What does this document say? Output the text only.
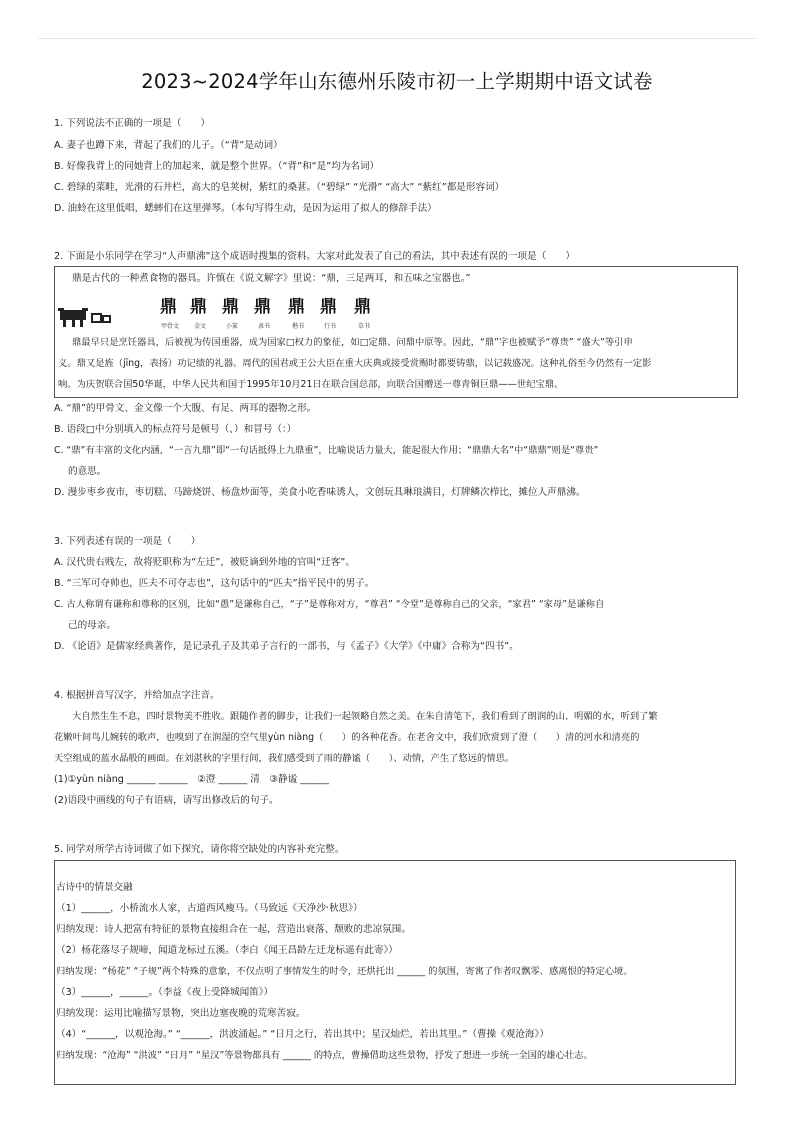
2023~2024学年山东德州乐陵市初一上学期期中语文试卷
1. 下列说法不正确的一项是（　　）
A. 妻子也蹲下来，背起了我们的儿子。（“背”是动词）
B. 好像我背上的同她背上的加起来，就是整个世界。（“背”和“是”均为名词）
C. 碧绿的菜畦，光滑的石井栏，高大的皂荚树，紫红的桑葚。（“碧绿” “光滑” “高大” “紫红”都是形容词）
D. 油蛉在这里低唱，蟋蟀们在这里弹琴。（本句写得生动，是因为运用了拟人的修辞手法）
2. 下面是小乐同学在学习“人声鼎沸”这个成语时搜集的资料。大家对此发表了自己的看法，其中表述有误的一项是（　　）
鼎是古代的一种煮食物的器具。许慎在《说文解字》里说：“鼎，三足两耳，和五味之宝器也。”
鼎 鼎 鼎 鼎 鼎 鼎 鼎
甲骨文 金文	小篆	隶书	楷书	行书	草书
鼎最早只是烹饪器具，后被视为传国重器，成为国家□权力的象征，如□定鼎、问鼎中原等。因此，“鼎”字也被赋予“尊贵” “盛大”等引申
义。鼎又是旌（jīng，表扬）功记绩的礼器。周代的国君或王公大臣在重大庆典或接受赏赐时都要铸鼎，以记载盛况。这种礼俗至今仍然有一定影
响。为庆贺联合国50华诞，中华人民共和国于1995年10月21日在联合国总部，向联合国赠送一尊青铜巨鼎——世纪宝鼎。
A. “鼎”的甲骨文、金文像一个大腹、有足、两耳的器物之形。
B. 语段□中分别填入的标点符号是顿号（、）和冒号（：）
C. “鼎”有丰富的文化内涵，“一言九鼎”即“一句话抵得上九鼎重”，比喻说话力量大，能起很大作用；“鼎鼎大名”中“鼎鼎”则是“尊贵”
的意思。
D. 漫步枣乡夜市，枣切糕、马蹄烧饼、杨盘炒面等，美食小吃香味诱人，文创玩具琳琅满目，灯牌鳞次栉比，摊位人声鼎沸。
3. 下列表述有误的一项是（　　）
A. 汉代贵右贱左，故将贬职称为“左迁”，被贬谪到外地的官叫“迁客”。
B. “三军可夺帅也，匹夫不可夺志也”，这句话中的“匹夫”指平民中的男子。
C. 古人称谓有谦称和尊称的区别，比如“愚”是谦称自己，“子”是尊称对方，“尊君” “令堂”是尊称自己的父亲，“家君” “家母”是谦称自
己的母亲。
D. 《论语》是儒家经典著作，是记录孔子及其弟子言行的一部书，与《孟子》《大学》《中庸》合称为“四书”。
4. 根据拼音写汉字，并给加点字注音。
大自然生生不息，四时景物美不胜收。跟随作者的脚步，让我们一起领略自然之美。在朱自清笔下，我们看到了朗润的山、明媚的水，听到了繁
花嫩叶间鸟儿婉转的歌声，也嗅到了在润湿的空气里yùn niàng（　　）的各种花香。在老舍文中，我们欣赏到了澄（　　）清的河水和清亮的
天空组成的蓝水晶般的画面。在刘湛秋的字里行间，我们感受到了雨的静谧（　　）、动情，产生了悠远的情思。
(1)①yùn niàng ______ ______　②澄 ______ 清　③静谧 ______
(2)语段中画线的句子有语病，请写出修改后的句子。
5. 同学对所学古诗词做了如下探究，请你将空缺处的内容补充完整。
古诗中的情景交融
（1）______，小桥流水人家，古道西风瘦马。（马致远《天净沙·秋思》）
归纳发现：诗人把富有特征的景物直接组合在一起，营造出衰落、颓败的悲凉氛围。
（2）杨花落尽子规啼，闻道龙标过五溪。（李白《闻王昌龄左迁龙标遥有此寄》）
归纳发现：“杨花” “子规”两个特殊的意象，不仅点明了事情发生的时令，还烘托出 ______ 的氛围，寄寓了作者叹飘零、感离恨的特定心境。
（3）______，______。（李益《夜上受降城闻笛》）
归纳发现：运用比喻描写景物，突出边塞夜晚的荒寒苦寂。
（4）“______，以观沧海。” “______，洪波涌起。” “日月之行，若出其中；星汉灿烂，若出其里。”（曹操《观沧海》）
归纳发现：“沧海” “洪波” “日月” “星汉”等景物都具有 ______ 的特点，曹操借助这些景物，抒发了想进一步统一全国的雄心壮志。
